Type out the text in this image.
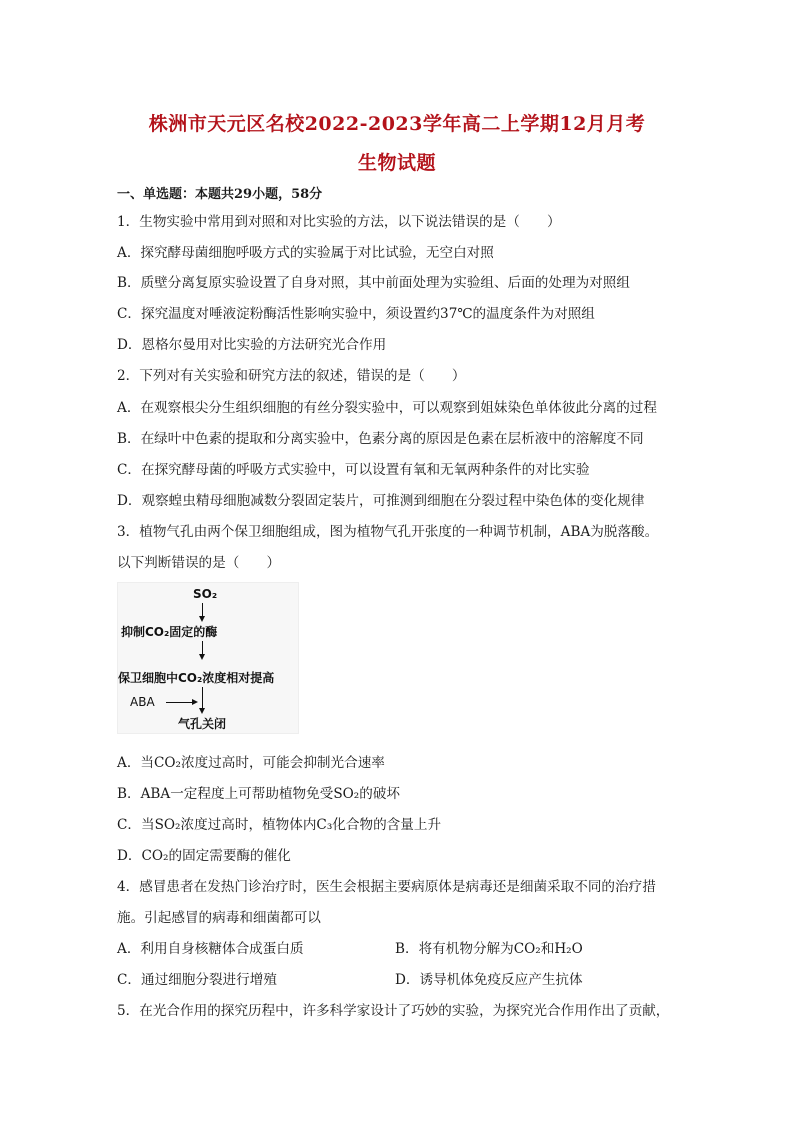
株洲市天元区名校2022-2023学年高二上学期12月月考
生物试题
一、单选题：本题共29小题，58分
1．生物实验中常用到对照和对比实验的方法，以下说法错误的是（　　）
A．探究酵母菌细胞呼吸方式的实验属于对比试验，无空白对照
B．质壁分离复原实验设置了自身对照，其中前面处理为实验组、后面的处理为对照组
C．探究温度对唾液淀粉酶活性影响实验中，须设置约37℃的温度条件为对照组
D．恩格尔曼用对比实验的方法研究光合作用
2．下列对有关实验和研究方法的叙述，错误的是（　　）
A．在观察根尖分生组织细胞的有丝分裂实验中，可以观察到姐妹染色单体彼此分离的过程
B．在绿叶中色素的提取和分离实验中，色素分离的原因是色素在层析液中的溶解度不同
C．在探究酵母菌的呼吸方式实验中，可以设置有氧和无氧两种条件的对比实验
D．观察蝗虫精母细胞减数分裂固定装片，可推测到细胞在分裂过程中染色体的变化规律
3．植物气孔由两个保卫细胞组成，图为植物气孔开张度的一种调节机制，ABA为脱落酸。
以下判断错误的是（　　）
SO₂
抑制CO₂固定的酶
保卫细胞中CO₂浓度相对提高
ABA
气孔关闭
A．当CO₂浓度过高时，可能会抑制光合速率
B．ABA一定程度上可帮助植物免受SO₂的破坏
C．当SO₂浓度过高时，植物体内C₃化合物的含量上升
D．CO₂的固定需要酶的催化
4．感冒患者在发热门诊治疗时，医生会根据主要病原体是病毒还是细菌采取不同的治疗措
施。引起感冒的病毒和细菌都可以
A．利用自身核糖体合成蛋白质	B．将有机物分解为CO₂和H₂O
C．通过细胞分裂进行增殖	D．诱导机体免疫反应产生抗体
5．在光合作用的探究历程中，许多科学家设计了巧妙的实验，为探究光合作用作出了贡献，
